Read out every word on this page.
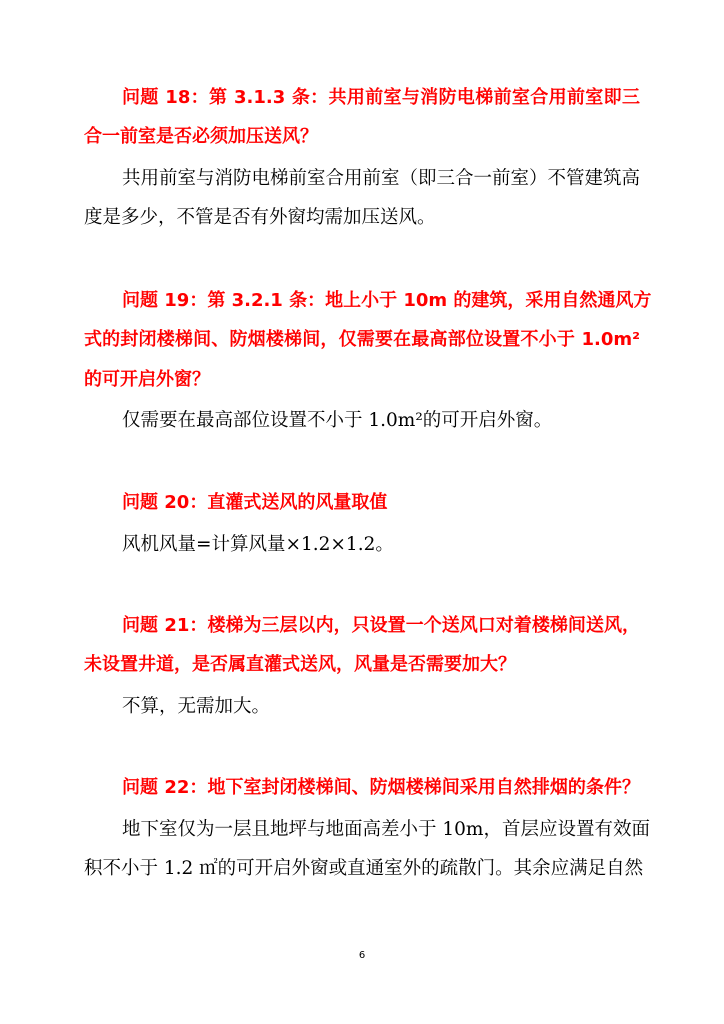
问题 18：第 3.1.3 条：共用前室与消防电梯前室合用前室即三
合一前室是否必须加压送风？
共用前室与消防电梯前室合用前室（即三合一前室）不管建筑高
度是多少，不管是否有外窗均需加压送风。
问题 19：第 3.2.1 条：地上小于 10m 的建筑，采用自然通风方
式的封闭楼梯间、防烟楼梯间，仅需要在最高部位设置不小于 1.0m²
的可开启外窗？
仅需要在最高部位设置不小于 1.0m²的可开启外窗。
问题 20：直灌式送风的风量取值
风机风量=计算风量×1.2×1.2。
问题 21：楼梯为三层以内，只设置一个送风口对着楼梯间送风，
未设置井道，是否属直灌式送风，风量是否需要加大？
不算，无需加大。
问题 22：地下室封闭楼梯间、防烟楼梯间采用自然排烟的条件？
地下室仅为一层且地坪与地面高差小于 10m，首层应设置有效面
积不小于 1.2 ㎡的可开启外窗或直通室外的疏散门。其余应满足自然
6
